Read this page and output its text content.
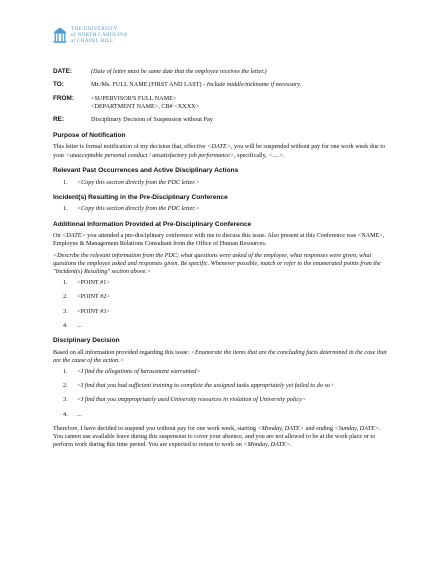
THE UNIVERSITY
of NORTH CAROLINA
at CHAPEL HILL
DATE:	(Date of letter must be same date that the employee receives the letter.)
TO:	Mr./Ms. FULL NAME (FIRST AND LAST) - Include middle/nickname if necessary.
FROM:	<SUPERVISOR'S FULL NAME>
<DEPARTMENT NAME>, CB# <XXXX>
RE:	Disciplinary Decision of Suspension without Pay
Purpose of Notification
This letter is formal notification of my decision that, effective <DATE>, you will be suspended without pay for one work week due to your <unacceptable personal conduct / unsatisfactory job performance>, specifically, <....>.
Relevant Past Occurrences and Active Disciplinary Actions
1.	<Copy this section directly from the PDC letter.>
Incident(s) Resulting in the Pre-Disciplinary Conference
1.	<Copy this section directly from the PDC letter.>
Additional Information Provided at Pre-Disciplinary Conference
On <DATE> you attended a pre-disciplinary conference with me to discuss this issue. Also present at this Conference was <NAME>, Employee & Management Relations Consultant from the Office of Human Resources.
<Describe the relevant information from the PDC; what questions were asked of the employee, what responses were given, what questions the employee asked and responses given. Be specific. Whenever possible, match or refer to the enumerated points from the "Incident(s) Resulting" section above.>
1.	<POINT #1>
2.	<POINT #2>
3.	<POINT #3>
4.	...
Disciplinary Decision
Based on all information provided regarding this issue: <Enumerate the items that are the concluding facts determined in the case that are the cause of the action.>
1.	<I find the allegations of harassment warranted>
2.	<I find that you had sufficient training to complete the assigned tasks appropriately yet failed to do so>
3.	<I find that you inappropriately used University resources in violation of University policy>
4.	...
Therefore, I have decided to suspend you without pay for one work week, starting <Monday, DATE> and ending <Sunday, DATE>. You cannot use available leave during this suspension to cover your absence, and you are not allowed to be at the work place or to perform work during this time period. You are expected to return to work on <Monday, DATE>.
